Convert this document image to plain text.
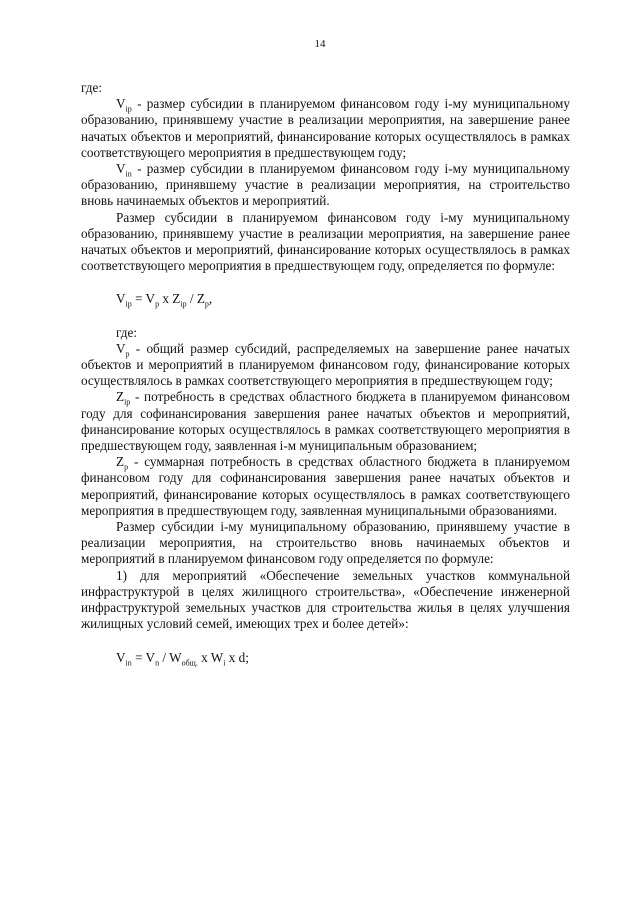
14

где:

$V_{ip}$ - размер субсидии в планируемом финансовом году i-му муниципальному образованию, принявшему участие в реализации мероприятия, на завершение ранее начатых объектов и мероприятий, финансирование которых осуществлялось в рамках соответствующего мероприятия в предшествующем году;

$V_{in}$ - размер субсидии в планируемом финансовом году i-му муниципальному образованию, принявшему участие в реализации мероприятия, на строительство вновь начинаемых объектов и мероприятий.

Размер субсидии в планируемом финансовом году i-му муниципальному образованию, принявшему участие в реализации мероприятия, на завершение ранее начатых объектов и мероприятий, финансирование которых осуществлялось в рамках соответствующего мероприятия в предшествующем году, определяется по формуле:

$V_{ip} = V_p$ x $Z_{ip} / Z_p$,

где:

$V_p$ - общий размер субсидий, распределяемых на завершение ранее начатых объектов и мероприятий в планируемом финансовом году, финансирование которых осуществлялось в рамках соответствующего мероприятия в предшествующем году;

$Z_{ip}$ - потребность в средствах областного бюджета в планируемом финансовом году для софинансирования завершения ранее начатых объектов и мероприятий, финансирование которых осуществлялось в рамках соответствующего мероприятия в предшествующем году, заявленная i-м муниципальным образованием;

$Z_p$ - суммарная потребность в средствах областного бюджета в планируемом финансовом году для софинансирования завершения ранее начатых объектов и мероприятий, финансирование которых осуществлялось в рамках соответствующего мероприятия в предшествующем году, заявленная муниципальными образованиями.

Размер субсидии i-му муниципальному образованию, принявшему участие в реализации мероприятия, на строительство вновь начинаемых объектов и мероприятий в планируемом финансовом году определяется по формуле:

1) для мероприятий «Обеспечение земельных участков коммунальной инфраструктурой в целях жилищного строительства», «Обеспечение инженерной инфраструктурой земельных участков для строительства жилья в целях улучшения жилищных условий семей, имеющих трех и более детей»:

$V_{in} = V_n / W_{общ.}$ x $W_i$ x d;
